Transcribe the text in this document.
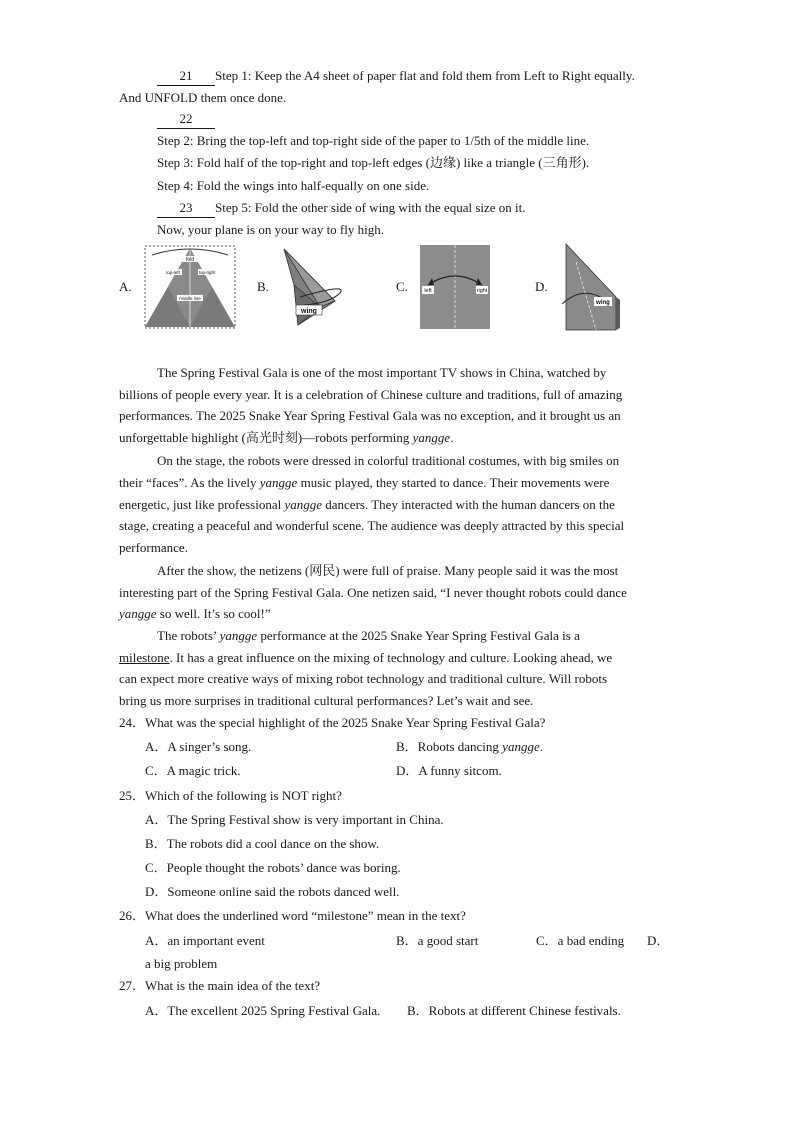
21 Step 1: Keep the A4 sheet of paper flat and fold them from Left to Right equally.
And UNFOLD them once done.
22
Step 2: Bring the top-left and top-right side of the paper to 1/5th of the middle line.
Step 3: Fold half of the top-right and top-left edges (边缘) like a triangle (三角形).
Step 4: Fold the wings into half-equally on one side.
23 Step 5: Fold the other side of wing with the equal size on it.
Now, your plane is on your way to fly high.
A.
fold
top-left	top-right
middle line
B.
wing
C.	left	right	D.
wing
The Spring Festival Gala is one of the most important TV shows in China, watched by
billions of people every year. It is a celebration of Chinese culture and traditions, full of amazing
performances. The 2025 Snake Year Spring Festival Gala was no exception, and it brought us an
unforgettable highlight (高光时刻)—robots performing yangge.
On the stage, the robots were dressed in colorful traditional costumes, with big smiles on
their “faces”. As the lively yangge music played, they started to dance. Their movements were
energetic, just like professional yangge dancers. They interacted with the human dancers on the
stage, creating a peaceful and wonderful scene. The audience was deeply attracted by this special
performance.
After the show, the netizens (网民) were full of praise. Many people said it was the most
interesting part of the Spring Festival Gala. One netizen said, “I never thought robots could dance
yangge so well. It’s so cool!”
The robots’ yangge performance at the 2025 Snake Year Spring Festival Gala is a
milestone. It has a great influence on the mixing of technology and culture. Looking ahead, we
can expect more creative ways of mixing robot technology and traditional culture. Will robots
bring us more surprises in traditional cultural performances? Let’s wait and see.
24．What was the special highlight of the 2025 Snake Year Spring Festival Gala?
A．A singer’s song.	B．Robots dancing yangge.
C．A magic trick.	D．A funny sitcom.
25．Which of the following is NOT right?
A．The Spring Festival show is very important in China.
B．The robots did a cool dance on the show.
C．People thought the robots’ dance was boring.
D．Someone online said the robots danced well.
26．What does the underlined word “milestone” mean in the text?
A．an important event	B．a good start	C．a bad ending D．
a big problem
27．What is the main idea of the text?
A．The excellent 2025 Spring Festival Gala. B．Robots at different Chinese festivals.
